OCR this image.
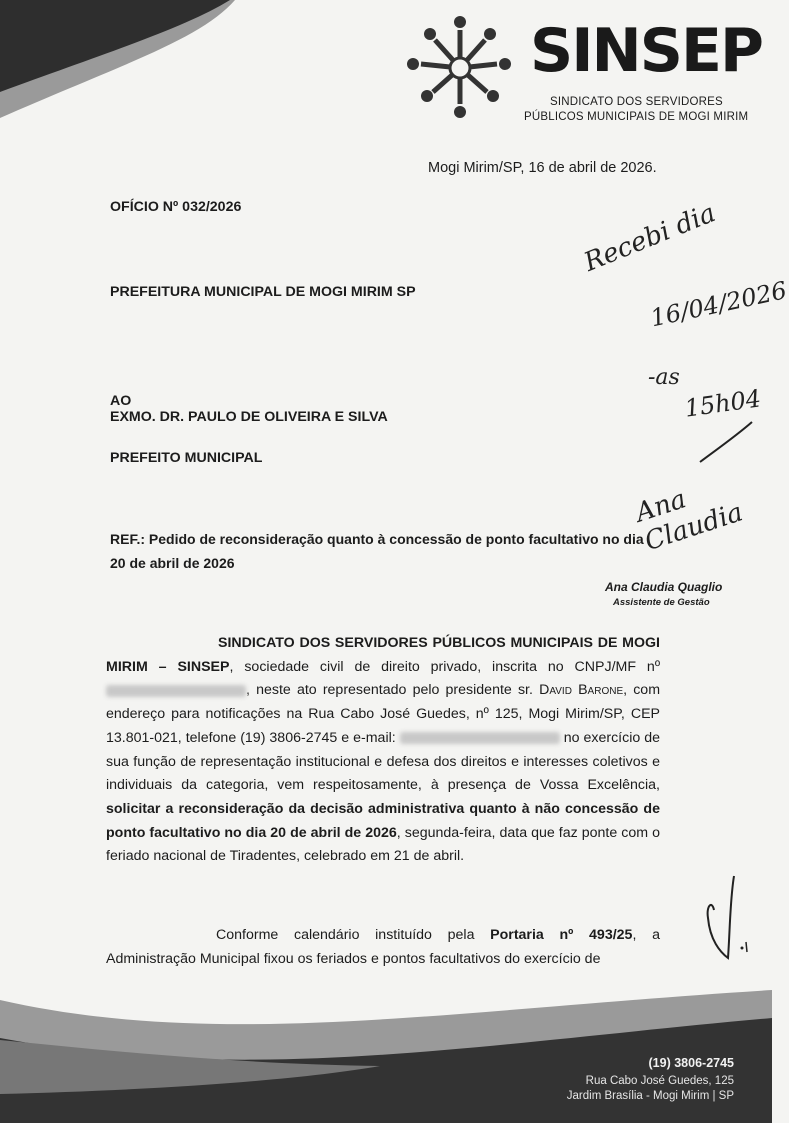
SINSEP
SINDICATO DOS SERVIDORES
PÚBLICOS MUNICIPAIS DE MOGI MIRIM
Mogi Mirim/SP, 16 de abril de 2026.
OFÍCIO Nº 032/2026
PREFEITURA MUNICIPAL DE MOGI MIRIM SP
AO
EXMO. DR. PAULO DE OLIVEIRA E SILVA
PREFEITO MUNICIPAL
REF.: Pedido de reconsideração quanto à concessão de ponto facultativo no dia
20 de abril de 2026
Recebi dia
16/04/2026
-as
15h04
Ana Claudia
Ana Claudia Quaglio
Assistente de Gestão
SINDICATO DOS SERVIDORES PÚBLICOS MUNICIPAIS DE MOGI MIRIM – SINSEP, sociedade civil de direito privado, inscrita no CNPJ/MF nº , neste ato representado pelo presidente sr. David Barone, com endereço para notificações na Rua Cabo José Guedes, nº 125, Mogi Mirim/SP, CEP 13.801-021, telefone (19) 3806-2745 e e-mail:	no exercício de sua função de representação institucional e defesa dos direitos e interesses coletivos e individuais da categoria, vem respeitosamente, à presença de Vossa Excelência, solicitar a reconsideração da decisão administrativa quanto à não concessão de ponto facultativo no dia 20 de abril de 2026, segunda-feira, data que faz ponte com o feriado nacional de Tiradentes, celebrado em 21 de abril.
Conforme calendário instituído pela Portaria nº 493/25, a Administração Municipal fixou os feriados e pontos facultativos do exercício de
(19) 3806-2745
Rua Cabo José Guedes, 125
Jardim Brasília - Mogi Mirim | SP
